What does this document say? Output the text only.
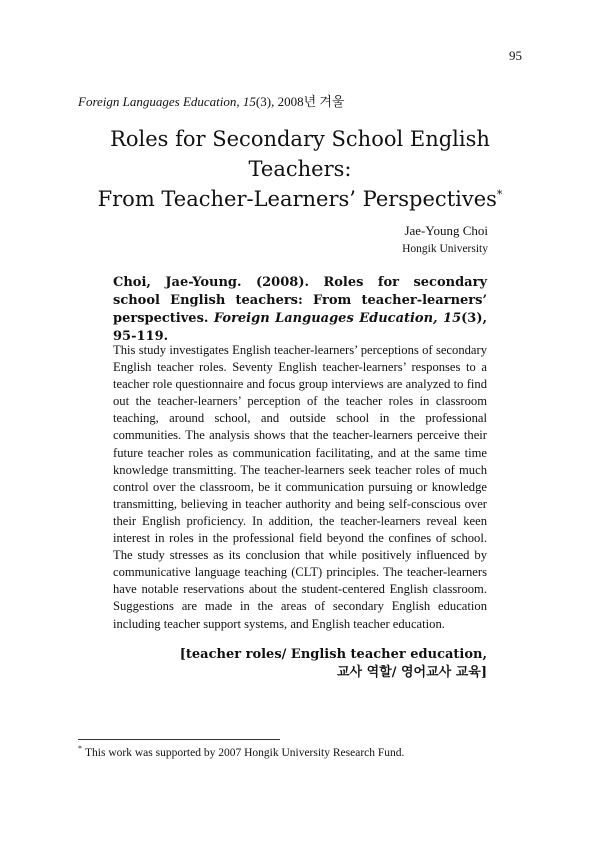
95
Foreign Languages Education, 15(3), 2008년 겨울
Roles for Secondary School English Teachers:
From Teacher-Learners’ Perspectives*
Jae-Young Choi
Hongik University
Choi, Jae-Young. (2008). Roles for secondary school English teachers: From teacher-learners’ perspectives. Foreign Languages Education, 15(3), 95-119.

This study investigates English teacher-learners’ perceptions of secondary English teacher roles. Seventy English teacher-learners’ responses to a teacher role questionnaire and focus group interviews are analyzed to find out the teacher-learners’ perception of the teacher roles in classroom teaching, around school, and outside school in the professional communities. The analysis shows that the teacher-learners perceive their future teacher roles as communication facilitating, and at the same time knowledge transmitting. The teacher-learners seek teacher roles of much control over the classroom, be it communication pursuing or knowledge transmitting, believing in teacher authority and being self-conscious over their English proficiency. In addition, the teacher-learners reveal keen interest in roles in the professional field beyond the confines of school. The study stresses as its conclusion that while positively influenced by communicative language teaching (CLT) principles. The teacher-learners have notable reservations about the student-centered English classroom. Suggestions are made in the areas of secondary English education including teacher support systems, and English teacher education.

[teacher roles/ English teacher education,
교사 역할/ 영어교사 교육]
* This work was supported by 2007 Hongik University Research Fund.
